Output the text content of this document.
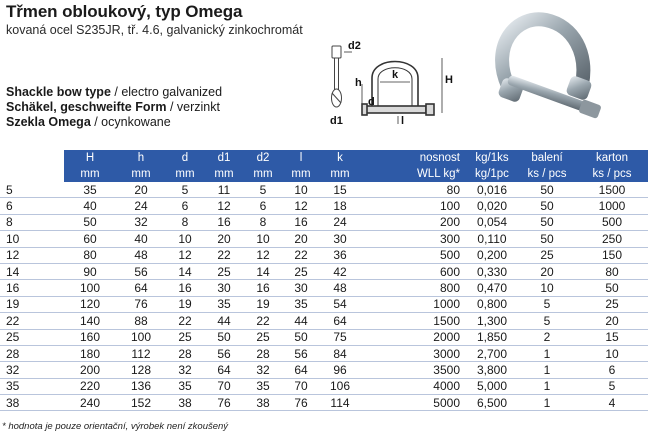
Třmen obloukový, typ Omega
kovaná ocel S235JR, tř. 4.6, galvanický zinkochromát
Shackle bow type / electro galvanized
Schäkel, geschweifte Form / verzinkt
Szekla Omega / ocynkowane
d2
h
k	H
d
d1	l
	H	h	d	d1	d2	l	k	nosnost	kg/1ks	balení	karton
	mm	mm	mm	mm	mm	mm	mm	WLL kg*	kg/1pc	ks / pcs	ks / pcs
5	35	20	5	11	5	10	15	80	0,016	50	1500
6	40	24	6	12	6	12	18	100	0,020	50	1000
8	50	32	8	16	8	16	24	200	0,054	50	500
10	60	40	10	20	10	20	30	300	0,110	50	250
12	80	48	12	22	12	22	36	500	0,200	25	150
14	90	56	14	25	14	25	42	600	0,330	20	80
16	100	64	16	30	16	30	48	800	0,470	10	50
19	120	76	19	35	19	35	54	1000	0,800	5	25
22	140	88	22	44	22	44	64	1500	1,300	5	20
25	160	100	25	50	25	50	75	2000	1,850	2	15
28	180	112	28	56	28	56	84	3000	2,700	1	10
32	200	128	32	64	32	64	96	3500	3,800	1	6
35	220	136	35	70	35	70	106	4000	5,000	1	5
38	240	152	38	76	38	76	114	5000	6,500	1	4
* hodnota je pouze orientační, výrobek není zkoušený
